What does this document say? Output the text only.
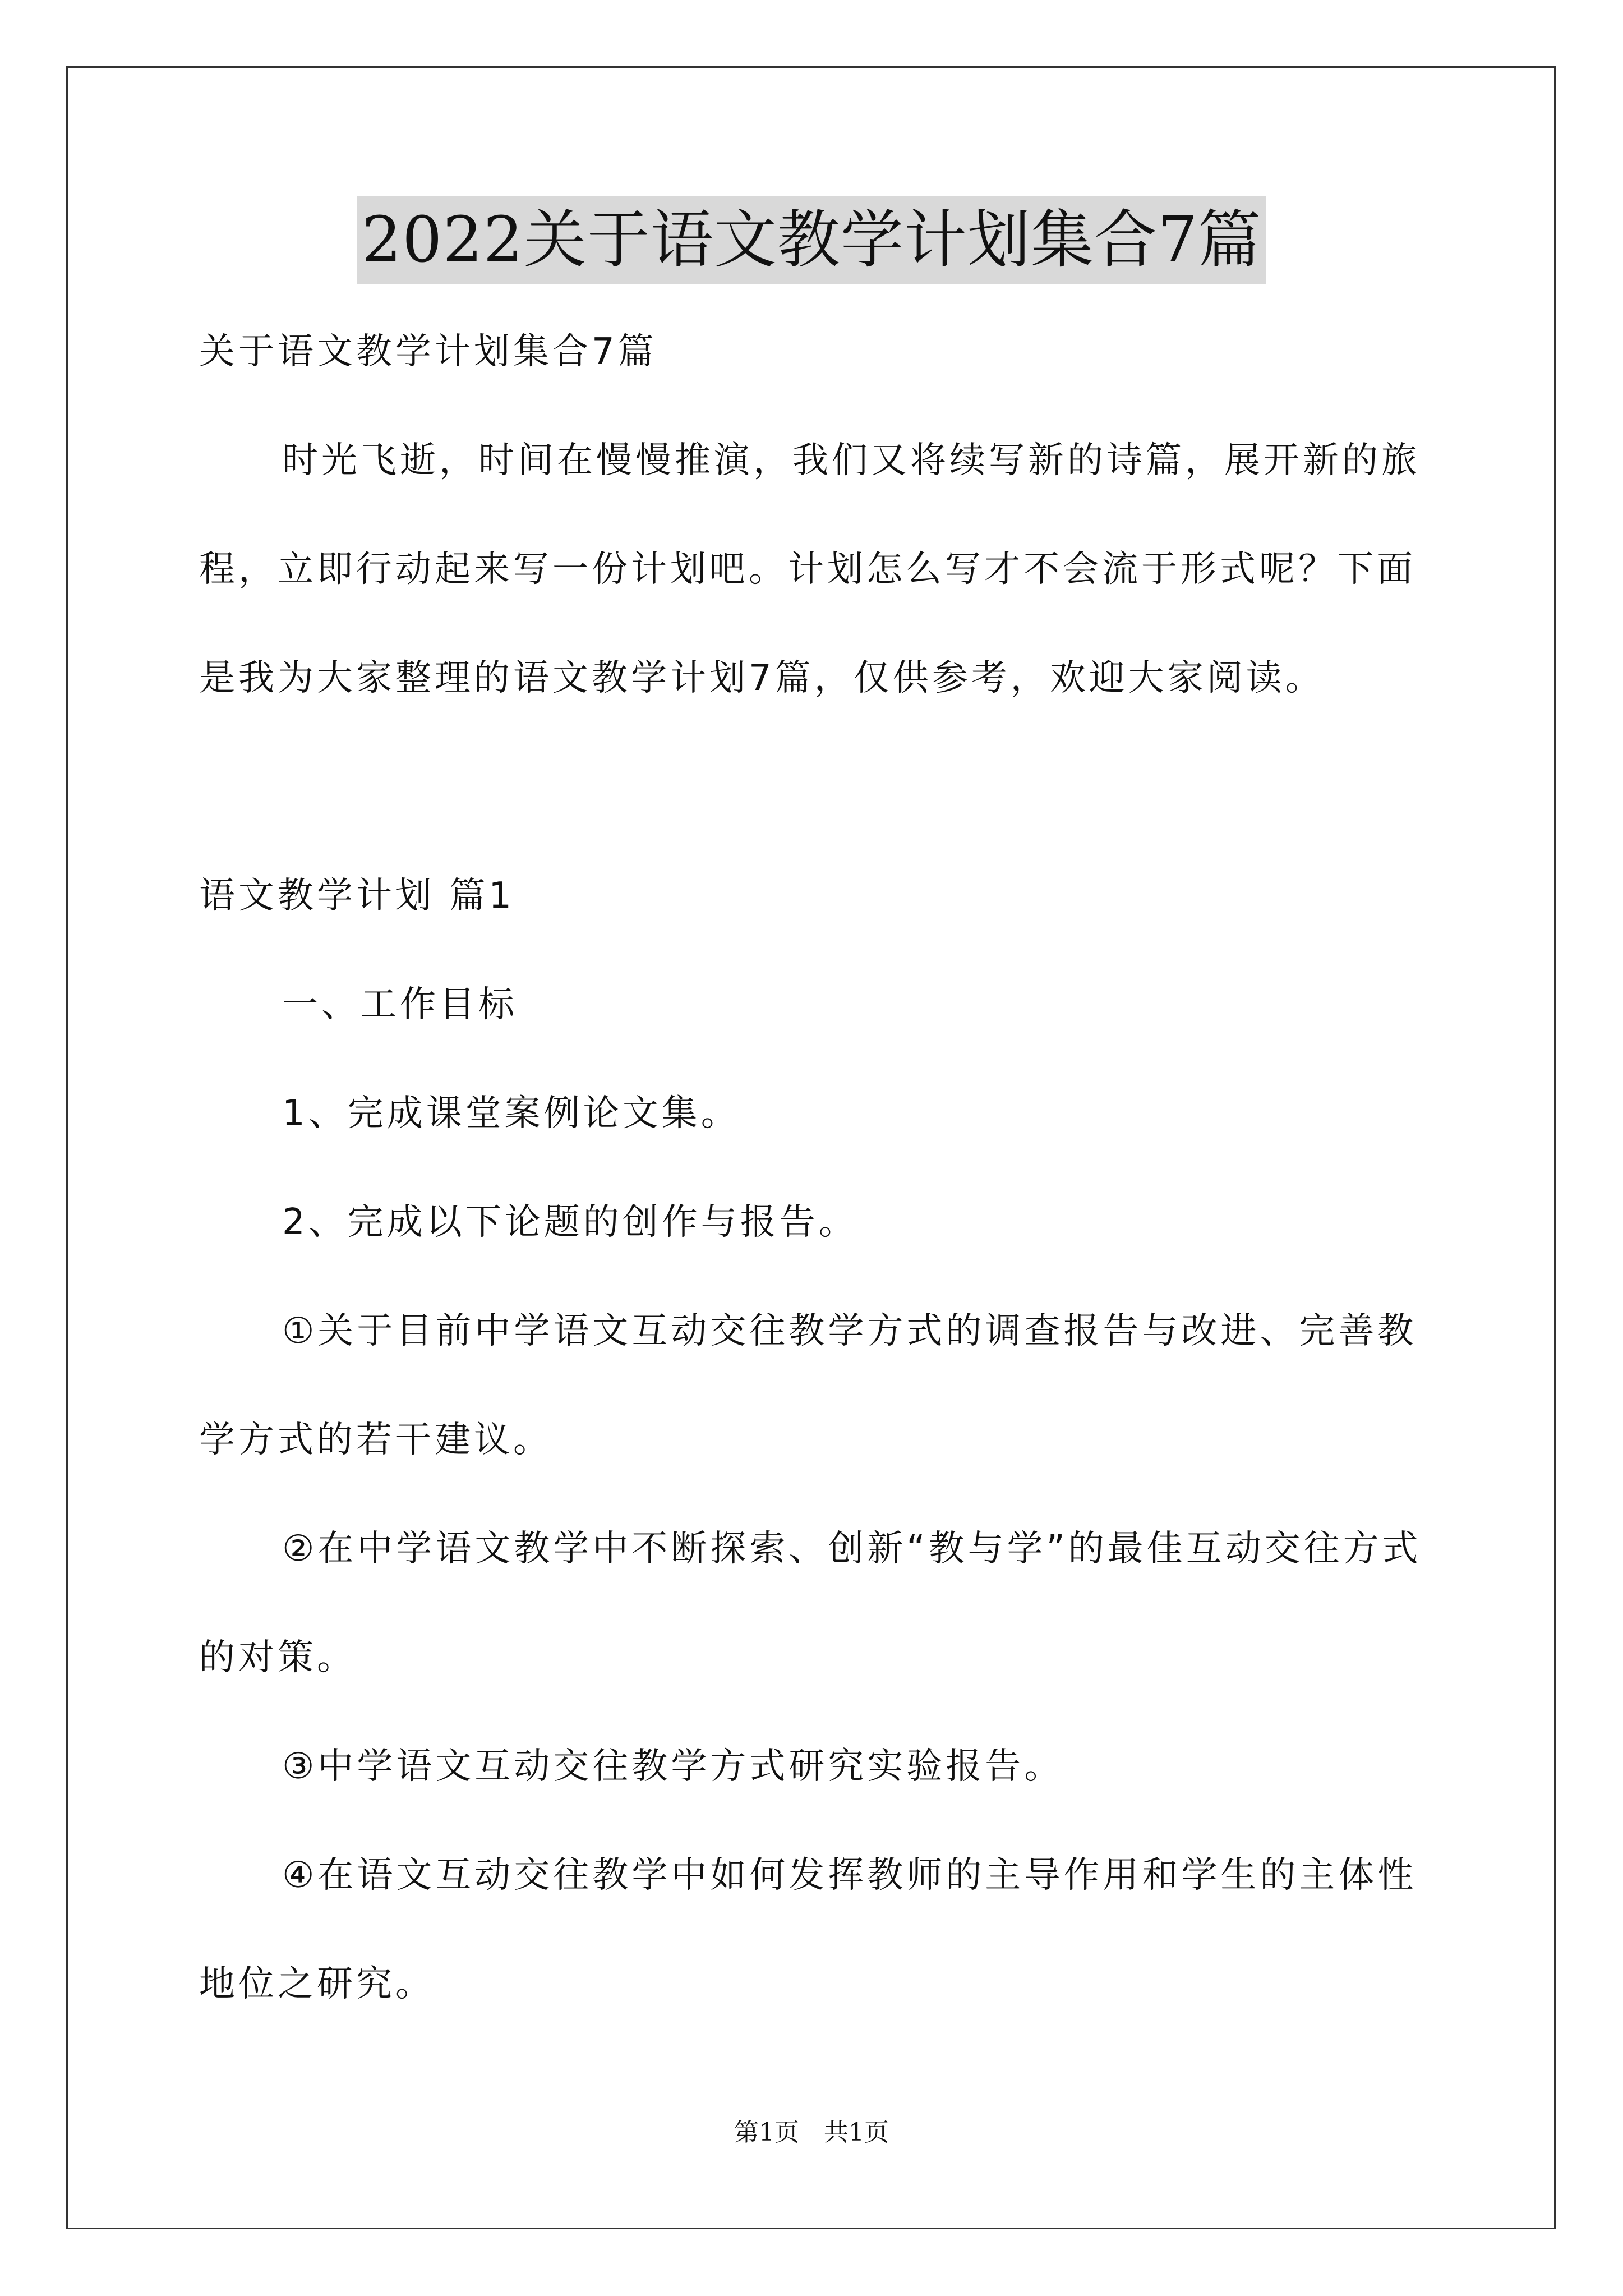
2022关于语文教学计划集合7篇

关于语文教学计划集合7篇

时光飞逝，时间在慢慢推演，我们又将续写新的诗篇，展开新的旅程，立即行动起来写一份计划吧。计划怎么写才不会流于形式呢？下面是我为大家整理的语文教学计划7篇，仅供参考，欢迎大家阅读。

语文教学计划 篇1

一、工作目标

1、完成课堂案例论文集。

2、完成以下论题的创作与报告。

①关于目前中学语文互动交往教学方式的调查报告与改进、完善教学方式的若干建议。

②在中学语文教学中不断探索、创新“教与学”的最佳互动交往方式的对策。

③中学语文互动交往教学方式研究实验报告。

④在语文互动交往教学中如何发挥教师的主导作用和学生的主体性地位之研究。

第1页　共1页
